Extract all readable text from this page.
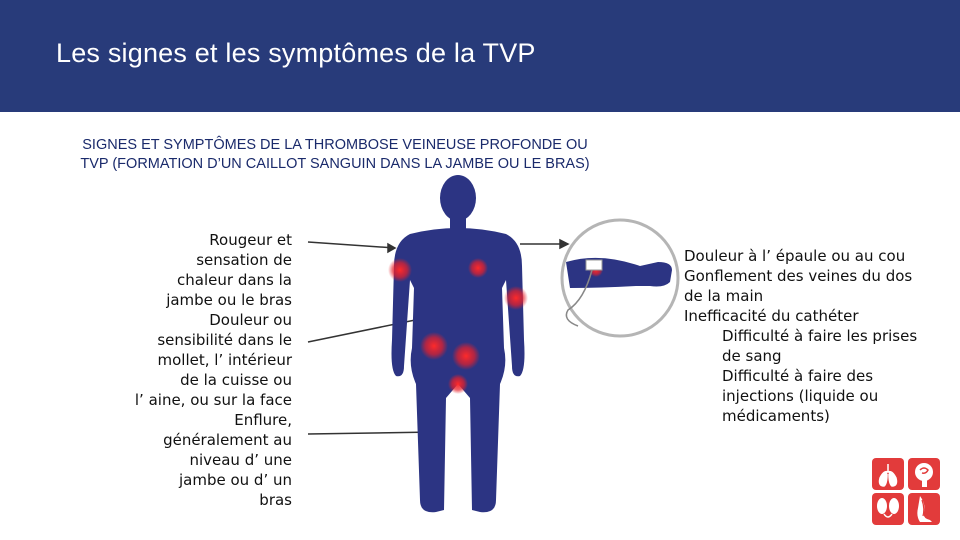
Les signes et les symptômes de la TVP
SIGNES ET SYMPTÔMES DE LA THROMBOSE VEINEUSE PROFONDE OU
TVP (FORMATION D’UN CAILLOT SANGUIN DANS LA JAMBE OU LE BRAS)

Rougeur et

sensation de

chaleur dans la

jambe ou le bras

Douleur ou

sensibilité dans le

mollet, l’ intérieur

de la cuisse ou

l’ aine, ou sur la face

Enflure,

généralement au

niveau d’ une

jambe ou d’ un

bras

Douleur à l’ épaule ou au cou

Gonflement des veines du dos

de la main

Inefficacité du cathéter

Difficulté à faire les prises

de sang

Difficulté à faire des

injections (liquide ou

médicaments)
